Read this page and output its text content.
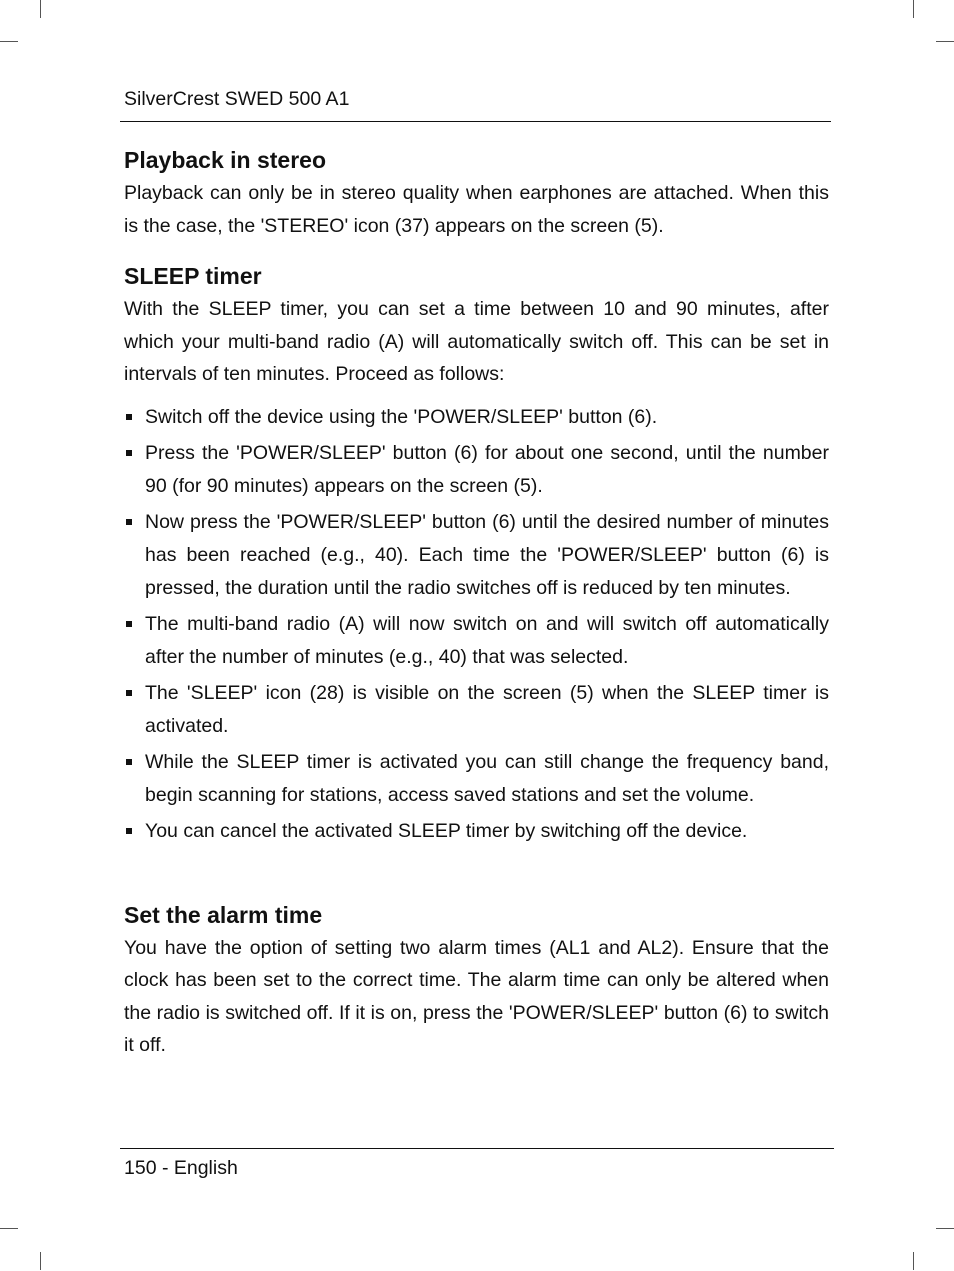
SilverCrest SWED 500 A1
Playback in stereo

Playback can only be in stereo quality when earphones are attached. When this is the case, the 'STEREO' icon (37) appears on the screen (5).

SLEEP timer

With the SLEEP timer, you can set a time between 10 and 90 minutes, after which your multi-band radio (A) will automatically switch off. This can be set in intervals of ten minutes. Proceed as follows:

Switch off the device using the 'POWER/SLEEP' button (6).
Press the 'POWER/SLEEP' button (6) for about one second, until the number 90 (for 90 minutes) appears on the screen (5).
Now press the 'POWER/SLEEP' button (6) until the desired number of minutes has been reached (e.g., 40). Each time the 'POWER/SLEEP' button (6) is pressed, the duration until the radio switches off is reduced by ten minutes.
The multi-band radio (A) will now switch on and will switch off automatically after the number of minutes (e.g., 40) that was selected.
The 'SLEEP' icon (28) is visible on the screen (5) when the SLEEP timer is activated.
While the SLEEP timer is activated you can still change the frequency band, begin scanning for stations, access saved stations and set the volume.
You can cancel the activated SLEEP timer by switching off the device.
Set the alarm time

You have the option of setting two alarm times (AL1 and AL2). Ensure that the clock has been set to the correct time. The alarm time can only be altered when the radio is switched off. If it is on, press the 'POWER/SLEEP' button (6) to switch it off.

150 - English
